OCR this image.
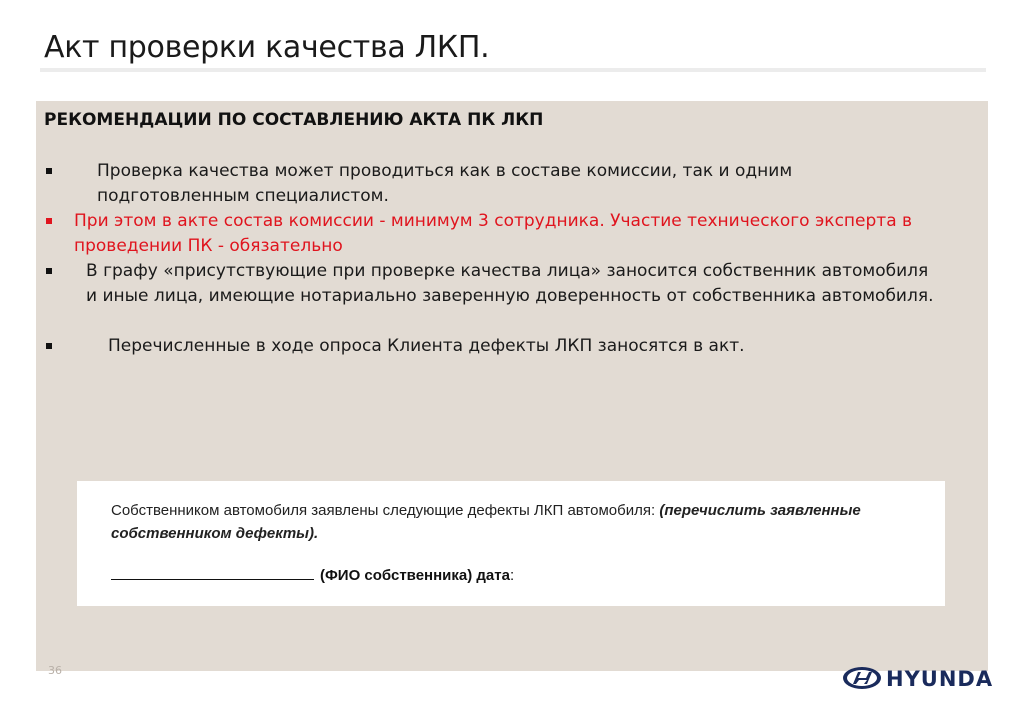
Акт проверки качества ЛКП.
РЕКОМЕНДАЦИИ ПО СОСТАВЛЕНИЮ АКТА ПК ЛКП
Проверка качества может проводиться как в составе комиссии, так и одним подготовленным специалистом.
При этом в акте состав комиссии - минимум 3 сотрудника. Участие технического эксперта в проведении ПК - обязательно
В графу «присутствующие при проверке качества лица» заносится собственник автомобиля и иные лица, имеющие нотариально заверенную доверенность от собственника автомобиля.
Перечисленные в ходе опроса Клиента дефекты ЛКП заносятся в акт.
Собственником автомобиля заявлены следующие дефекты ЛКП автомобиля: (перечислить заявленные собственником дефекты).
(ФИО собственника) дата:
36	HYUNDAI
